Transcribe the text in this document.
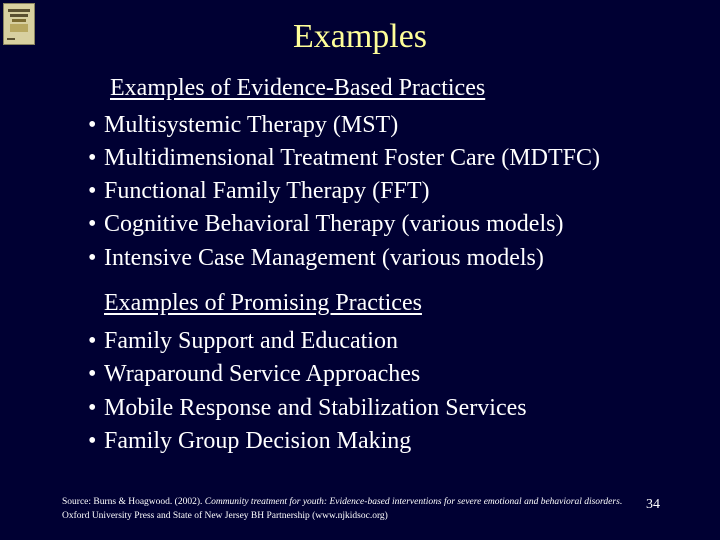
Examples
Examples of Evidence-Based Practices
• Multisystemic Therapy (MST)
• Multidimensional Treatment Foster Care (MDTFC)
• Functional Family Therapy (FFT)
• Cognitive Behavioral Therapy (various models)
• Intensive Case Management (various models)
Examples of Promising Practices
• Family Support and Education
• Wraparound Service Approaches
• Mobile Response and Stabilization Services
• Family Group Decision Making
Source: Burns & Hoagwood. (2002). Community treatment for youth: Evidence-based interventions for severe emotional and behavioral disorders. Oxford University Press and State of New Jersey BH Partnership (www.njkidsoc.org)
34
